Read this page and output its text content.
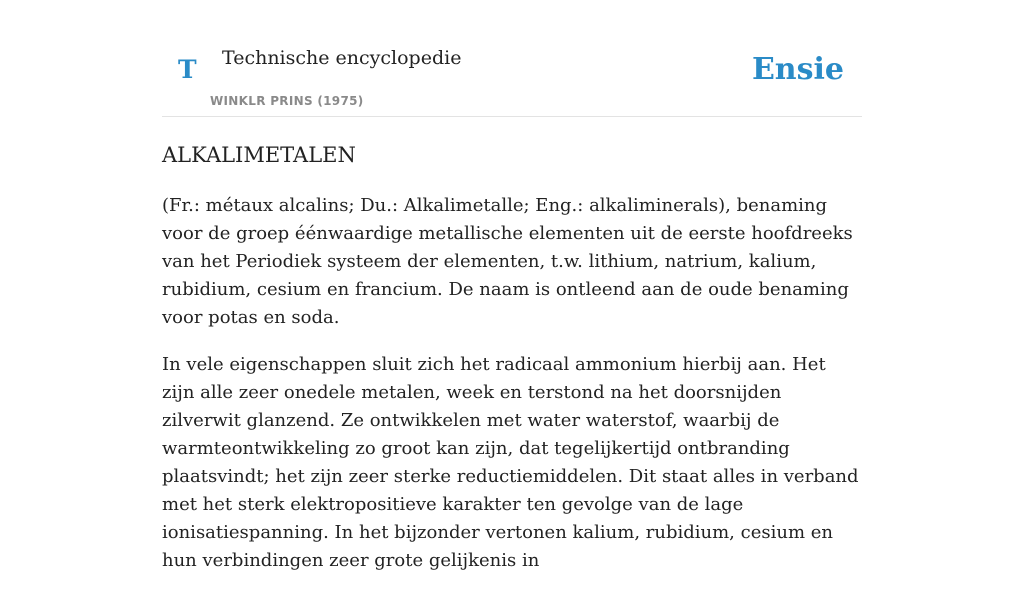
T Technische encyclopedie
WINKLR PRINS (1975)
Ensie
ALKALIMETALEN

(Fr.: métaux alcalins; Du.: Alkalimetalle; Eng.: alkaliminerals), benaming voor de groep éénwaardige metallische elementen uit de eerste hoofdreeks van het Periodiek systeem der elementen, t.w. lithium, natrium, kalium, rubidium, cesium en francium. De naam is ontleend aan de oude benaming voor potas en soda.

In vele eigenschappen sluit zich het radicaal ammonium hierbij aan. Het zijn alle zeer onedele metalen, week en terstond na het doorsnijden zilverwit glanzend. Ze ontwikkelen met water waterstof, waarbij de warmteontwikkeling zo groot kan zijn, dat tegelijkertijd ontbranding plaatsvindt; het zijn zeer sterke reductiemiddelen. Dit staat alles in verband met het sterk elektropositieve karakter ten gevolge van de lage ionisatiespanning. In het bijzonder vertonen kalium, rubidium, cesium en hun verbindingen zeer grote gelijkenis in
